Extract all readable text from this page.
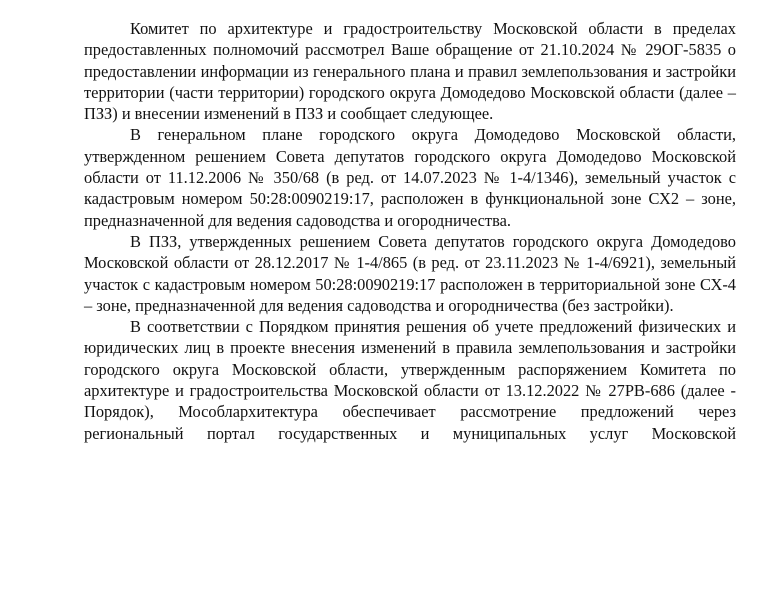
Комитет по архитектуре и градостроительству Московской области в пределах предоставленных полномочий рассмотрел Ваше обращение от 21.10.2024 № 29ОГ-5835 о предоставлении информации из генерального плана и правил землепользования и застройки территории (части территории) городского округа Домодедово Московской области (далее – ПЗЗ) и внесении изменений в ПЗЗ и сообщает следующее.

В генеральном плане городского округа Домодедово Московской области, утвержденном решением Совета депутатов городского округа Домодедово Московской области от 11.12.2006 № 350/68 (в ред. от 14.07.2023 № 1-4/1346), земельный участок с кадастровым номером 50:28:0090219:17, расположен в функциональной зоне СХ2 – зоне, предназначенной для ведения садоводства и огородничества.

В ПЗЗ, утвержденных решением Совета депутатов городского округа Домодедово Московской области от 28.12.2017 № 1-4/865 (в ред. от 23.11.2023 № 1-4/6921), земельный участок с кадастровым номером 50:28:0090219:17 расположен в территориальной зоне СХ-4 – зоне, предназначенной для ведения садоводства и огородничества (без застройки).

В соответствии с Порядком принятия решения об учете предложений физических и юридических лиц в проекте внесения изменений в правила землепользования и застройки городского округа Московской области, утвержденным распоряжением Комитета по архитектуре и градостроительства Московской области от 13.12.2022 № 27РВ-686 (далее - Порядок), Мособлархитектура обеспечивает рассмотрение предложений через региональный портал государственных и муниципальных услуг Московской
